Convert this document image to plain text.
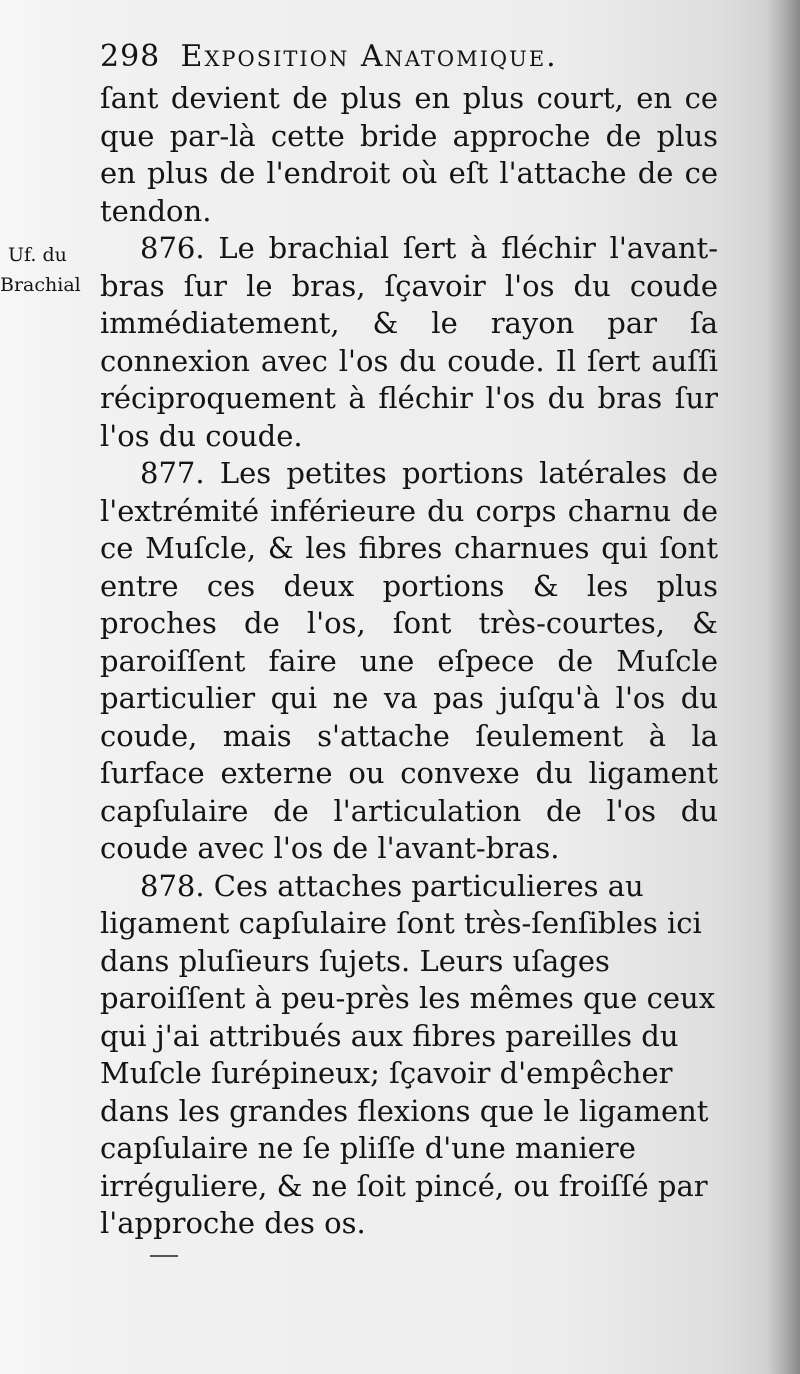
298 Exposition Anatomique.
Uf. du
Brachial

ſant devient de plus en plus court, en ce que par-là cette bride approche de plus en plus de l'endroit où eſt l'attache de ce tendon.

876. Le brachial ſert à fléchir l'avant-bras ſur le bras, ſçavoir l'os du coude immédiatement, & le rayon par ſa connexion avec l'os du coude. Il ſert auſſi réciproquement à fléchir l'os du bras ſur l'os du coude.

877. Les petites portions latérales de l'extrémité inférieure du corps charnu de ce Muſcle, & les fibres charnues qui ſont entre ces deux portions & les plus proches de l'os, ſont très-courtes, & paroiſſent faire une eſpece de Muſcle particulier qui ne va pas juſqu'à l'os du coude, mais s'attache ſeulement à la ſurface externe ou convexe du ligament capſulaire de l'articulation de l'os du coude avec l'os de l'avant-bras.

878. Ces attaches particulieres au ligament capſulaire ſont très-ſenſibles ici dans pluſieurs ſujets. Leurs uſages paroiſſent à peu-près les mêmes que ceux qui j'ai attribués aux fibres pareilles du Muſcle ſurépineux; ſçavoir d'empêcher dans les grandes flexions que le ligament capſulaire ne ſe pliſſe d'une maniere irréguliere, & ne ſoit pincé, ou froiſſé par l'approche des os.
